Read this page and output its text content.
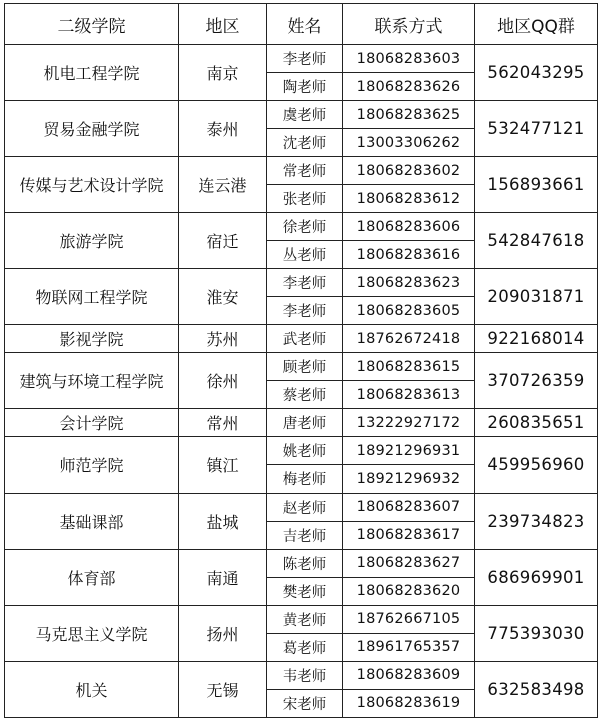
二级学院	地区	姓名	联系方式	地区QQ群
机电工程学院	南京	李老师	18068283603	562043295
		陶老师	18068283626	
贸易金融学院	泰州	虞老师	18068283625	532477121
		沈老师	13003306262	
传媒与艺术设计学院	连云港	常老师	18068283602	156893661
		张老师	18068283612	
旅游学院	宿迁	徐老师	18068283606	542847618
		丛老师	18068283616	
物联网工程学院	淮安	李老师	18068283623	209031871
		李老师	18068283605	
影视学院	苏州	武老师	18762672418	922168014
建筑与环境工程学院	徐州	顾老师	18068283615	370726359
		蔡老师	18068283613	
会计学院	常州	唐老师	13222927172	260835651
师范学院	镇江	姚老师	18921296931	459956960
		梅老师	18921296932	
基础课部	盐城	赵老师	18068283607	239734823
		吉老师	18068283617	
体育部	南通	陈老师	18068283627	686969901
		樊老师	18068283620	
马克思主义学院	扬州	黄老师	18762667105	775393030
		葛老师	18961765357	
机关	无锡	韦老师	18068283609	632583498
		宋老师	18068283619	
